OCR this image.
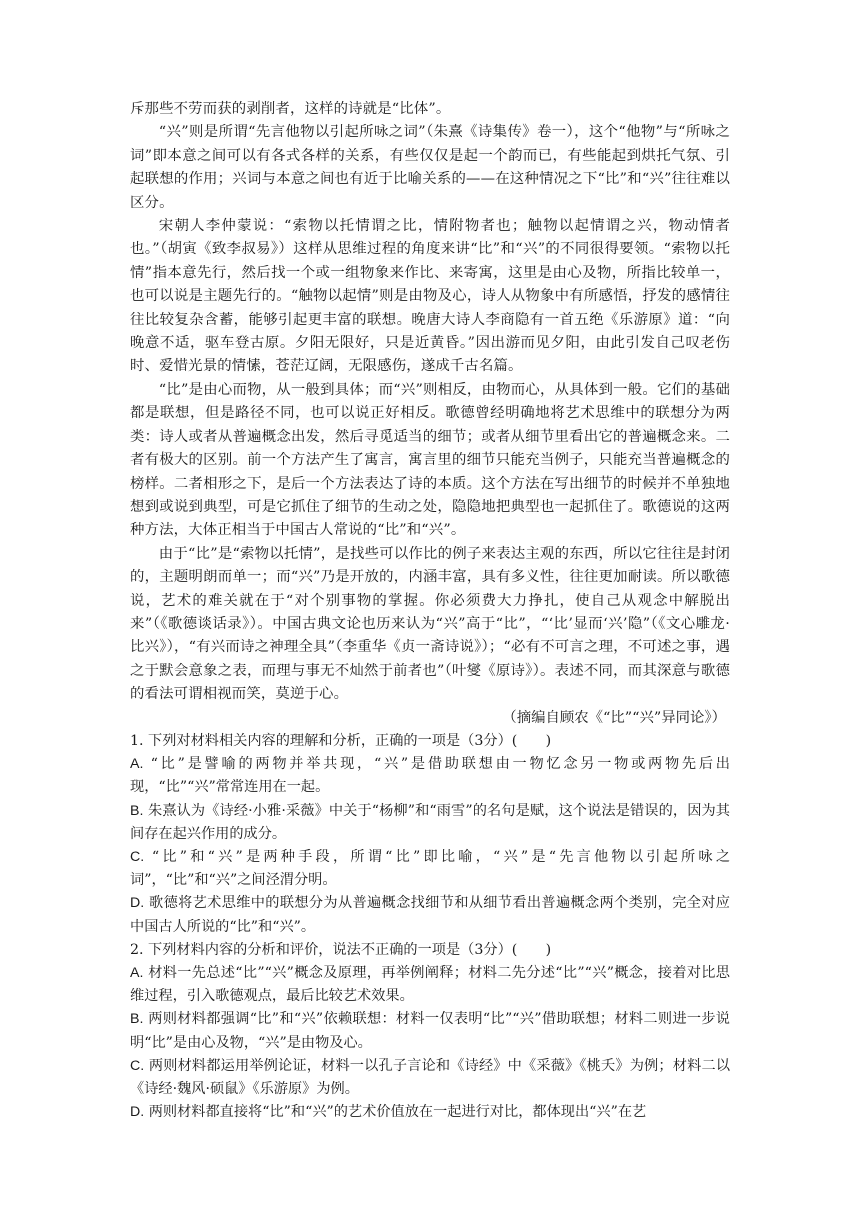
斥那些不劳而获的剥削者，这样的诗就是“比体”。

“兴”则是所谓“先言他物以引起所咏之词”（朱熹《诗集传》卷一），这个“他物”与“所咏之词”即本意之间可以有各式各样的关系，有些仅仅是起一个韵而已，有些能起到烘托气氛、引起联想的作用；兴词与本意之间也有近于比喻关系的——在这种情况之下“比”和“兴”往往难以区分。

宋朝人李仲蒙说：“索物以托情谓之比，情附物者也；触物以起情谓之兴，物动情者也。”（胡寅《致李叔易》）这样从思维过程的角度来讲“比”和“兴”的不同很得要领。“索物以托情”指本意先行，然后找一个或一组物象来作比、来寄寓，这里是由心及物，所指比较单一，也可以说是主题先行的。“触物以起情”则是由物及心，诗人从物象中有所感悟，抒发的感情往往比较复杂含蓄，能够引起更丰富的联想。晚唐大诗人李商隐有一首五绝《乐游原》道：“向晚意不适，驱车登古原。夕阳无限好，只是近黄昏。”因出游而见夕阳，由此引发自己叹老伤时、爱惜光景的情愫，苍茫辽阔，无限感伤，遂成千古名篇。

“比”是由心而物，从一般到具体；而“兴”则相反，由物而心，从具体到一般。它们的基础都是联想，但是路径不同，也可以说正好相反。歌德曾经明确地将艺术思维中的联想分为两类：诗人或者从普遍概念出发，然后寻觅适当的细节；或者从细节里看出它的普遍概念来。二者有极大的区别。前一个方法产生了寓言，寓言里的细节只能充当例子，只能充当普遍概念的榜样。二者相形之下，是后一个方法表达了诗的本质。这个方法在写出细节的时候并不单独地想到或说到典型，可是它抓住了细节的生动之处，隐隐地把典型也一起抓住了。歌德说的这两种方法，大体正相当于中国古人常说的“比”和“兴”。

由于“比”是“索物以托情”，是找些可以作比的例子来表达主观的东西，所以它往往是封闭的，主题明朗而单一；而“兴”乃是开放的，内涵丰富，具有多义性，往往更加耐读。所以歌德说，艺术的难关就在于“对个别事物的掌握。你必须费大力挣扎，使自己从观念中解脱出来”（《歌德谈话录》）。中国古典文论也历来认为“兴”高于“比”，“‘比’显而‘兴’隐”（《文心雕龙·比兴》），“有兴而诗之神理全具”（李重华《贞一斋诗说》）；“必有不可言之理，不可述之事，遇之于默会意象之表，而理与事无不灿然于前者也”（叶燮《原诗》）。表述不同，而其深意与歌德的看法可谓相视而笑，莫逆于心。

（摘编自顾农《“比”“兴”异同论》）

1. 下列对材料相关内容的理解和分析，正确的一项是（3分）(　　)

A. “比”是譬喻的两物并举共现，“兴”是借助联想由一物忆念另一物或两物先后出现，“比”“兴”常常连用在一起。

B. 朱熹认为《诗经·小雅·采薇》中关于“杨柳”和“雨雪”的名句是赋，这个说法是错误的，因为其间存在起兴作用的成分。

C. “比”和“兴”是两种手段，所谓“比”即比喻，“兴”是“先言他物以引起所咏之词”，“比”和“兴”之间泾渭分明。

D. 歌德将艺术思维中的联想分为从普遍概念找细节和从细节看出普遍概念两个类别，完全对应中国古人所说的“比”和“兴”。

2. 下列材料内容的分析和评价，说法不正确的一项是（3分）(　　)

A. 材料一先总述“比”“兴”概念及原理，再举例阐释；材料二先分述“比”“兴”概念，接着对比思维过程，引入歌德观点，最后比较艺术效果。

B. 两则材料都强调“比”和“兴”依赖联想：材料一仅表明“比”“兴”借助联想；材料二则进一步说明“比”是由心及物，“兴”是由物及心。

C. 两则材料都运用举例论证，材料一以孔子言论和《诗经》中《采薇》《桃夭》为例；材料二以《诗经·魏风·硕鼠》《乐游原》为例。

D. 两则材料都直接将“比”和“兴”的艺术价值放在一起进行对比，都体现出“兴”在艺
